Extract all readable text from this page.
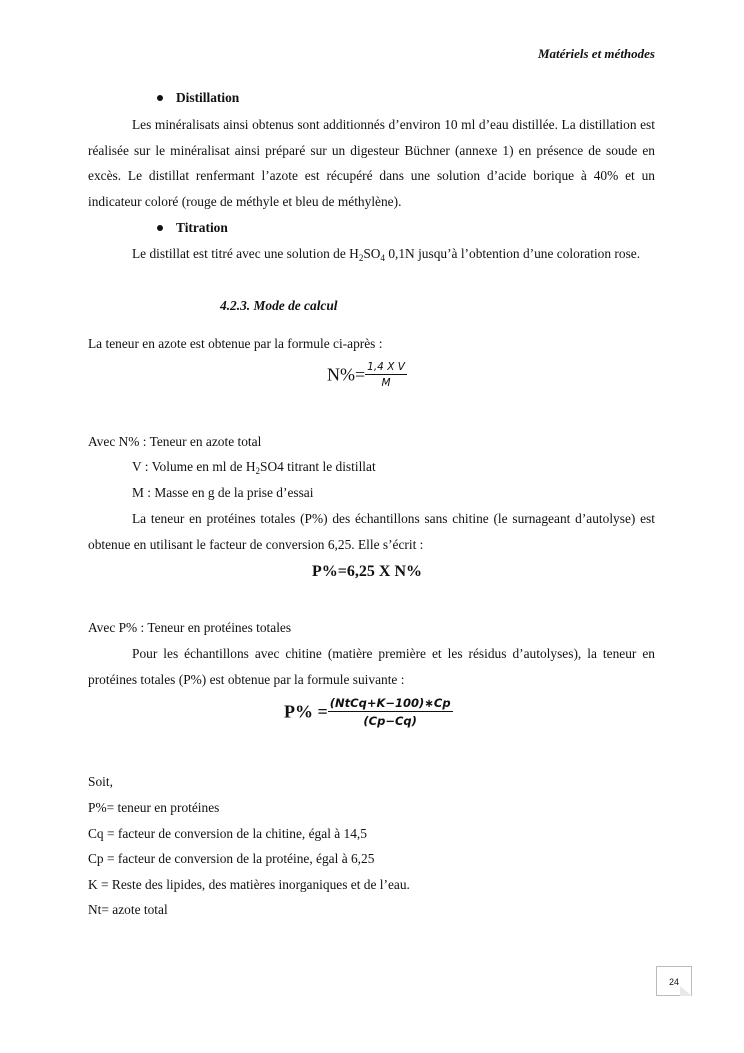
Matériels et méthodes
Distillation
Les minéralisats ainsi obtenus sont additionnés d’environ 10 ml d’eau distillée. La distillation est réalisée sur le minéralisat ainsi préparé sur un digesteur Büchner (annexe 1) en présence de soude en excès. Le distillat renfermant l’azote est récupéré dans une solution d’acide borique à 40% et un indicateur coloré (rouge de méthyle et bleu de méthylène).
Titration
Le distillat est titré avec une solution de $H_2SO_4$ 0,1N jusqu’à l’obtention d’une coloration rose.
4.2.3. Mode de calcul
La teneur en azote est obtenue par la formule ci-après :
$N\%= \frac{\text{1,4 X V}}{M}$
Avec N% : Teneur en azote total
V : Volume en ml de $H_2SO4$ titrant le distillat
M : Masse en g de la prise d’essai
La teneur en protéines totales (P%) des échantillons sans chitine (le surnageant d’autolyse) est obtenue en utilisant le facteur de conversion 6,25. Elle s’écrit :
P%=6,25 X N%
Avec P% : Teneur en protéines totales
Pour les échantillons avec chitine (matière première et les résidus d’autolyses), la teneur en protéines totales (P%) est obtenue par la formule suivante :
$P\% = \frac{\text{(NtCq+K−100)∗Cp}}{(Cp-Cq)}$
Soit,
P%= teneur en protéines
Cq = facteur de conversion de la chitine, égal à 14,5
Cp = facteur de conversion de la protéine, égal à 6,25
K = Reste des lipides, des matières inorganiques et de l’eau.
Nt= azote total
24
